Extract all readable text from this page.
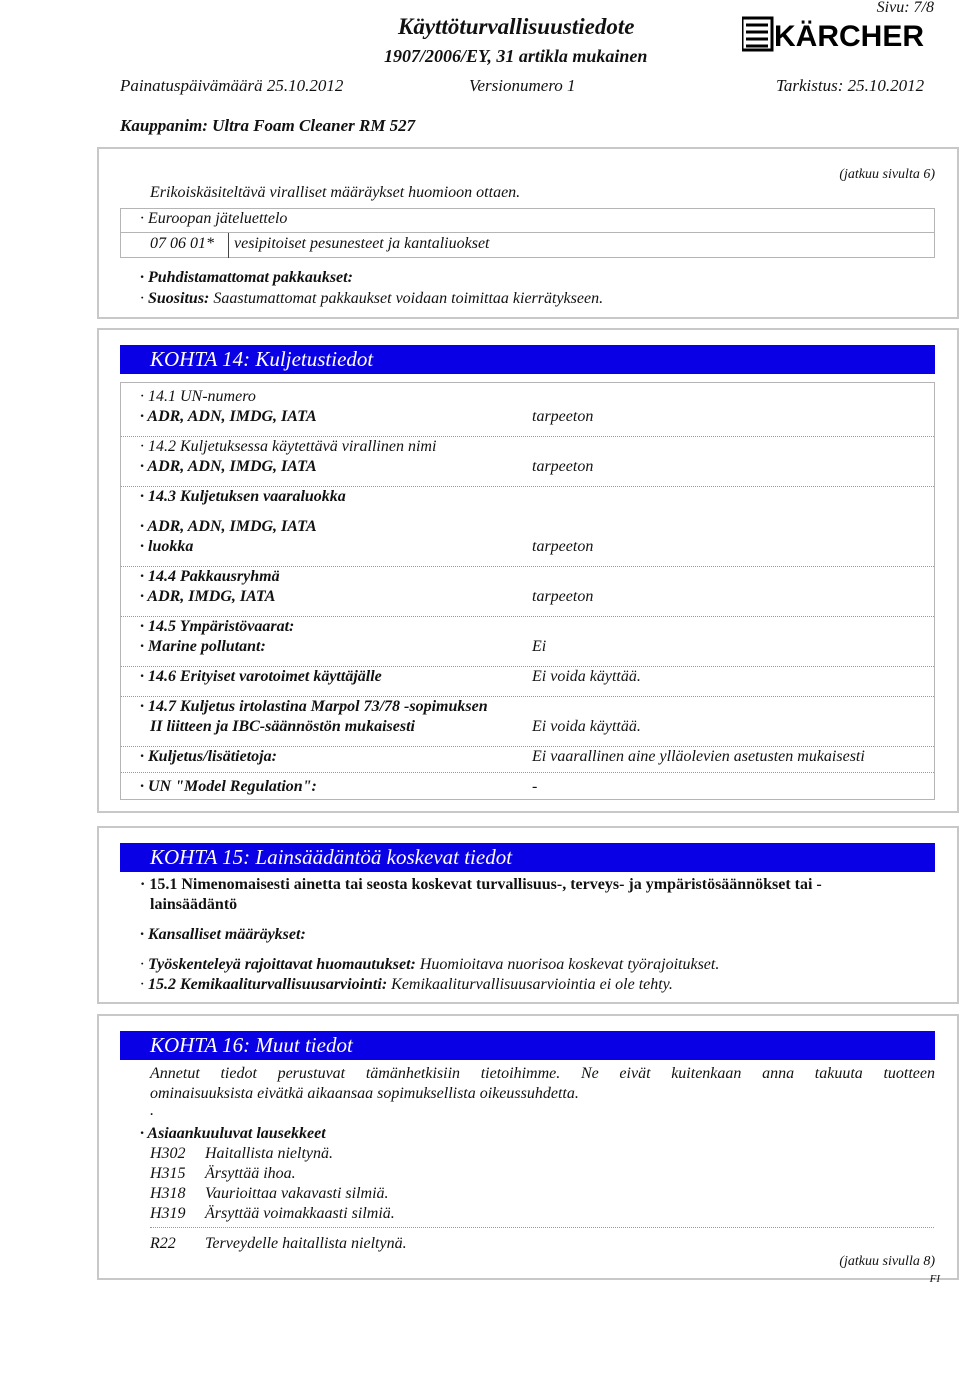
Sivu: 7/8
Käyttöturvallisuustiedote
1907/2006/EY, 31 artikla mukainen
KÄRCHER
Painatuspäivämäärä 25.10.2012	Versionumero 1	Tarkistus: 25.10.2012
Kauppanim: Ultra Foam Cleaner RM 527
(jatkuu sivulta 6)
Erikoiskäsiteltävä viralliset määräykset huomioon ottaen.
· Euroopan jäteluettelo
07 06 01* vesipitoiset pesunesteet ja kantaliuokset
· Puhdistamattomat pakkaukset:
· Suositus: Saastumattomat pakkaukset voidaan toimittaa kierrätykseen.
KOHTA 14: Kuljetustiedot
· 14.1 UN-numero
· ADR, ADN, IMDG, IATA	tarpeeton
· 14.2 Kuljetuksessa käytettävä virallinen nimi
· ADR, ADN, IMDG, IATA	tarpeeton
· 14.3 Kuljetuksen vaaraluokka
· ADR, ADN, IMDG, IATA
· luokka	tarpeeton
· 14.4 Pakkausryhmä
· ADR, IMDG, IATA	tarpeeton
· 14.5 Ympäristövaarat:
· Marine pollutant:	Ei
· 14.6 Erityiset varotoimet käyttäjälle	Ei voida käyttää.
· 14.7 Kuljetus irtolastina Marpol 73/78 -sopimuksen
II liitteen ja IBC-säännöstön mukaisesti	Ei voida käyttää.
· Kuljetus/lisätietoja:	Ei vaarallinen aine ylläolevien asetusten mukaisesti
· UN "Model Regulation":	-
KOHTA 15: Lainsäädäntöä koskevat tiedot
· 15.1 Nimenomaisesti ainetta tai seosta koskevat turvallisuus-, terveys- ja ympäristösäännökset tai -
lainsäädäntö
· Kansalliset määräykset:
· Työskenteleyä rajoittavat huomautukset: Huomioitava nuorisoa koskevat työrajoitukset.
· 15.2 Kemikaaliturvallisuusarviointi: Kemikaaliturvallisuusarviointia ei ole tehty.
KOHTA 16: Muut tiedot
Annetut tiedot perustuvat tämänhetkisiin tietoihimme. Ne eivät kuitenkaan anna takuuta tuotteen
ominaisuuksista eivätkä aikaansaa sopimuksellista oikeussuhdetta.
.
· Asiaankuuluvat lausekkeet
H302 Haitallista nieltynä.
H315 Ärsyttää ihoa.
H318 Vaurioittaa vakavasti silmiä.
H319 Ärsyttää voimakkaasti silmiä.
R22 Terveydelle haitallista nieltynä.
(jatkuu sivulla 8)
FI
